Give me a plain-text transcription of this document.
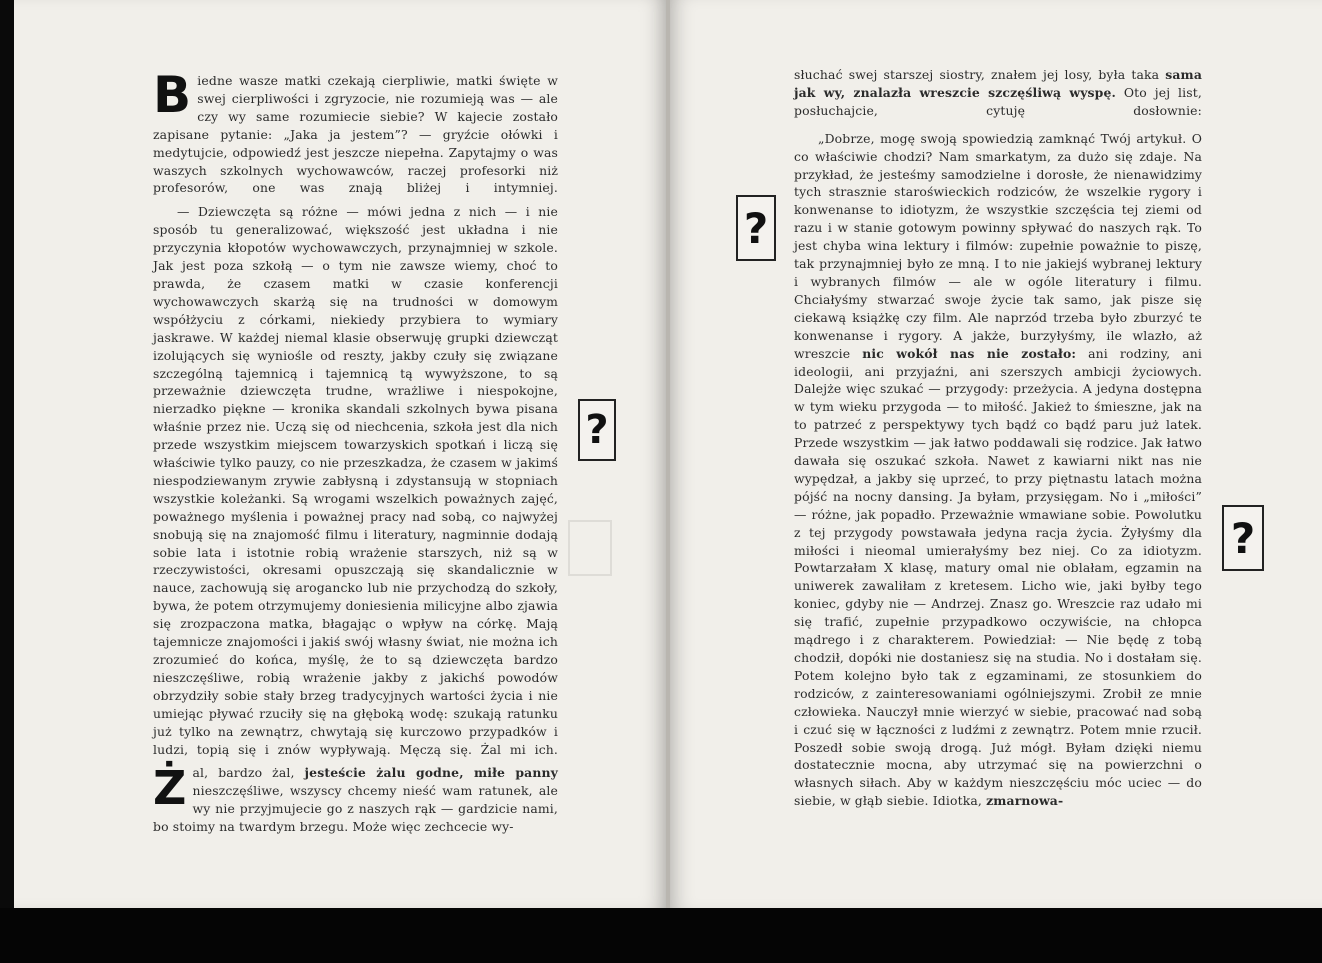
Biedne wasze matki czekają cierpliwie, matki święte w swej cierpliwości i zgryzocie, nie rozumieją was — ale czy wy same rozumiecie siebie? W kajecie zostało zapisane pytanie: „Jaka ja jestem”? — gryźcie ołówki i medytujcie, odpowiedź jest jeszcze niepełna. Zapytajmy o was waszych szkolnych wychowawców, raczej profesorki niż profesorów, one was znają bliżej i intymniej.

— Dziewczęta są różne — mówi jedna z nich — i nie sposób tu generalizować, większość jest układna i nie przyczynia kłopotów wychowawczych, przynajmniej w szkole. Jak jest poza szkołą — o tym nie zawsze wiemy, choć to prawda, że czasem matki w czasie konferencji wychowawczych skarżą się na trudności w domowym współżyciu z córkami, niekiedy przybiera to wymiary jaskrawe. W każdej niemal klasie obserwuję grupki dziewcząt izolujących się wyniośle od reszty, jakby czuły się związane szczególną tajemnicą i tajemnicą tą wywyższone, to są przeważnie dziewczęta trudne, wrażliwe i niespokojne, nierzadko piękne — kronika skandali szkolnych bywa pisana właśnie przez nie. Uczą się od niechcenia, szkoła jest dla nich przede wszystkim miejscem towarzyskich spotkań i liczą się właściwie tylko pauzy, co nie przeszkadza, że czasem w jakimś niespodziewanym zrywie zabłysną i zdystansują w stopniach wszystkie koleżanki. Są wrogami wszelkich poważnych zajęć, poważnego myślenia i poważnej pracy nad sobą, co najwyżej snobują się na znajomość filmu i literatury, nagminnie dodają sobie lata i istotnie robią wrażenie starszych, niż są w rzeczywistości, okresami opuszczają się skandalicznie w nauce, zachowują się arogancko lub nie przychodzą do szkoły, bywa, że potem otrzymujemy doniesienia milicyjne albo zjawia się zrozpaczona matka, błagając o wpływ na córkę. Mają tajemnicze znajomości i jakiś swój własny świat, nie można ich zrozumieć do końca, myślę, że to są dziewczęta bardzo nieszczęśliwe, robią wrażenie jakby z jakichś powodów obrzydziły sobie stały brzeg tradycyjnych wartości życia i nie umiejąc pływać rzuciły się na głęboką wodę: szukają ratunku już tylko na zewnątrz, chwytają się kurczowo przypadków i ludzi, topią się i znów wypływają. Męczą się. Żal mi ich.

Żal, bardzo żal, jesteście żalu godne, miłe panny nieszczęśliwe, wszyscy chcemy nieść wam ratunek, ale wy nie przyjmujecie go z naszych rąk — gardzicie nami, bo stoimy na twardym brzegu. Może więc zechcecie wy-

?
?
?

słuchać swej starszej siostry, znałem jej losy, była taka sama jak wy, znalazła wreszcie szczęśliwą wyspę. Oto jej list, posłuchajcie, cytuję dosłownie:

„Dobrze, mogę swoją spowiedzią zamknąć Twój artykuł. O co właściwie chodzi? Nam smarkatym, za dużo się zdaje. Na przykład, że jesteśmy samodzielne i dorosłe, że nienawidzimy tych strasznie staroświeckich rodziców, że wszelkie rygory i konwenanse to idiotyzm, że wszystkie szczęścia tej ziemi od razu i w stanie gotowym powinny spływać do naszych rąk. To jest chyba wina lektury i filmów: zupełnie poważnie to piszę, tak przynajmniej było ze mną. I to nie jakiejś wybranej lektury i wybranych filmów — ale w ogóle literatury i filmu. Chciałyśmy stwarzać swoje życie tak samo, jak pisze się ciekawą książkę czy film. Ale naprzód trzeba było zburzyć te konwenanse i rygory. A jakże, burzyłyśmy, ile wlazło, aż wreszcie nic wokół nas nie zostało: ani rodziny, ani ideologii, ani przyjaźni, ani szerszych ambicji życiowych. Dalejże więc szukać — przygody: przeżycia. A jedyna dostępna w tym wieku przygoda — to miłość. Jakież to śmieszne, jak na to patrzeć z perspektywy tych bądź co bądź paru już latek. Przede wszystkim — jak łatwo poddawali się rodzice. Jak łatwo dawała się oszukać szkoła. Nawet z kawiarni nikt nas nie wypędzał, a jakby się uprzeć, to przy piętnastu latach można pójść na nocny dansing. Ja byłam, przysięgam. No i „miłości” — różne, jak popadło. Przeważnie wmawiane sobie. Powolutku z tej przygody powstawała jedyna racja życia. Żyłyśmy dla miłości i nieomal umierałyśmy bez niej. Co za idiotyzm. Powtarzałam X klasę, matury omal nie oblałam, egzamin na uniwerek zawaliłam z kretesem. Licho wie, jaki byłby tego koniec, gdyby nie — Andrzej. Znasz go. Wreszcie raz udało mi się trafić, zupełnie przypadkowo oczywiście, na chłopca mądrego i z charakterem. Powiedział: — Nie będę z tobą chodził, dopóki nie dostaniesz się na studia. No i dostałam się. Potem kolejno było tak z egzaminami, ze stosunkiem do rodziców, z zainteresowaniami ogólniejszymi. Zrobił ze mnie człowieka. Nauczył mnie wierzyć w siebie, pracować nad sobą i czuć się w łączności z ludźmi z zewnątrz. Potem mnie rzucił. Poszedł sobie swoją drogą. Już mógł. Byłam dzięki niemu dostatecznie mocna, aby utrzymać się na powierzchni o własnych siłach. Aby w każdym nieszczęściu móc uciec — do siebie, w głąb siebie. Idiotka, zmarnowa-
